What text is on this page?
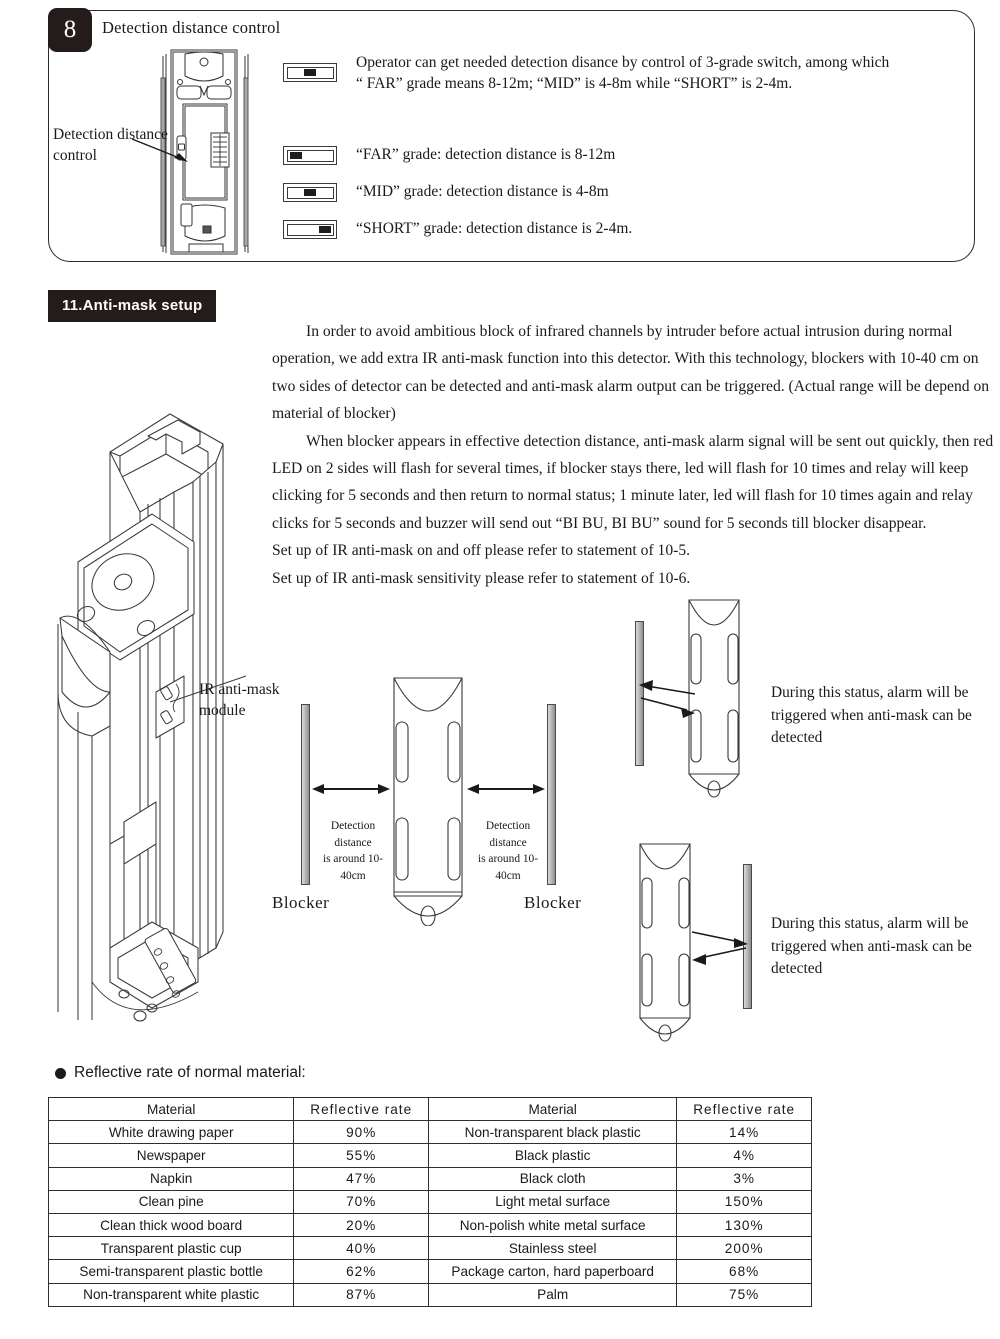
8	Detection distance control
Detection distance
control
Operator can get needed detection disance by control of 3-grade switch, among which
“ FAR” grade means 8-12m; “MID” is 4-8m while “SHORT” is 2-4m.
“FAR” grade: detection distance is 8-12m
“MID” grade: detection distance is 4-8m
“SHORT” grade: detection distance is 2-4m.
11.Anti-mask setup

In order to avoid ambitious block of infrared channels by intruder before actual intrusion during normal operation, we add extra IR anti-mask function into this detector. With this technology, blockers with 10-40 cm on two sides of detector can be detected and anti-mask alarm output can be triggered. (Actual range will be depend on material of blocker)

When blocker appears in effective detection distance, anti-mask alarm signal will be sent out quickly, then red LED on 2 sides will flash for several times, if blocker stays there, led will flash for 10 times and relay will keep clicking for 5 seconds and then return to normal status; 1 minute later, led will flash for 10 times again and relay clicks for 5 seconds and buzzer will send out “BI BU, BI BU” sound for 5 seconds till blocker disappear.

Set up of IR anti-mask on and off please refer to statement of 10-5.

Set up of IR anti-mask sensitivity please refer to statement of 10-6.

IR anti-mask
module
Detection distance
is around 10-40cm
Detection distance
is around 10-40cm
Blocker	Blocker
During this status, alarm will be triggered when anti-mask can be detected
During this status, alarm will be triggered when anti-mask can be detected
Reflective rate of normal material:
Material	Reflective rate	Material	Reflective rate
White drawing paper	90%	Non-transparent black plastic	14%
Newspaper	55%	Black plastic	4%
Napkin	47%	Black cloth	3%
Clean pine	70%	Light metal surface	150%
Clean thick wood board	20%	Non-polish white metal surface	130%
Transparent plastic cup	40%	Stainless steel	200%
Semi-transparent plastic bottle	62%	Package carton, hard paperboard	68%
Non-transparent white plastic	87%	Palm	75%
